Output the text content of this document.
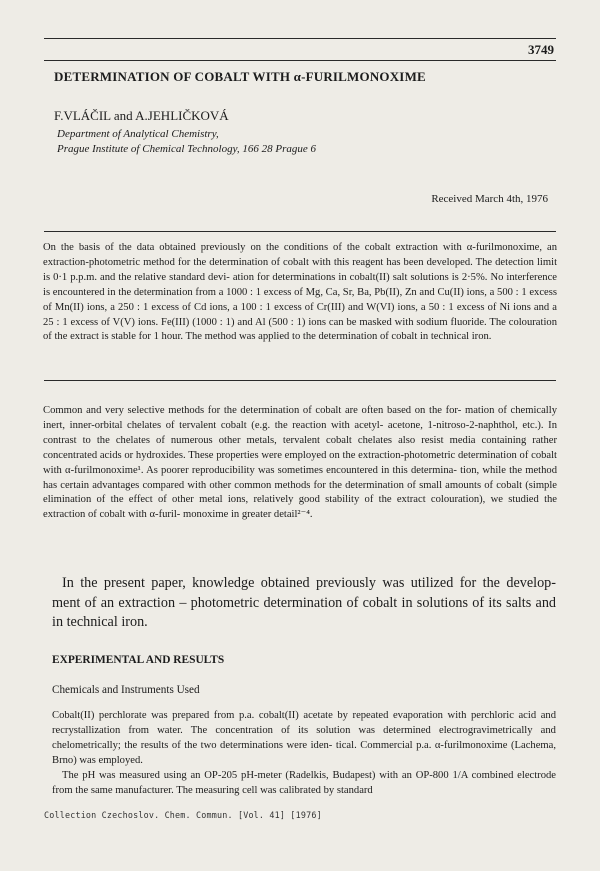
3749
DETERMINATION OF COBALT WITH α-FURILMONOXIME
F.VLÁČIL and A.JEHLIČKOVÁ
Department of Analytical Chemistry,
Prague Institute of Chemical Technology, 166 28 Prague 6
Received March 4th, 1976

On the basis of the data obtained previously on the conditions of the cobalt extraction with α-furilmonoxime, an extraction-photometric method for the determination of cobalt with this reagent has been developed. The detection limit is 0·1 p.p.m. and the relative standard devi- ation for determinations in cobalt(II) salt solutions is 2·5%. No interference is encountered in the determination from a 1000 : 1 excess of Mg, Ca, Sr, Ba, Pb(II), Zn and Cu(II) ions, a 500 : 1 excess of Mn(II) ions, a 250 : 1 excess of Cd ions, a 100 : 1 excess of Cr(III) and W(VI) ions, a 50 : 1 excess of Ni ions and a 25 : 1 excess of V(V) ions. Fe(III) (1000 : 1) and Al (500 : 1) ions can be masked with sodium fluoride. The colouration of the extract is stable for 1 hour. The method was applied to the determination of cobalt in technical iron.

Common and very selective methods for the determination of cobalt are often based on the for- mation of chemically inert, inner-orbital chelates of tervalent cobalt (e.g. the reaction with acetyl- acetone, 1-nitroso-2-naphthol, etc.). In contrast to the chelates of numerous other metals, tervalent cobalt chelates also resist media containing rather concentrated acids or hydroxides. These properties were employed on the extraction-photometric determination of cobalt with α-furilmonoxime¹. As poorer reproducibility was sometimes encountered in this determina- tion, while the method has certain advantages compared with other common methods for the determination of small amounts of cobalt (simple elimination of the effect of other metal ions, relatively good stability of the extract colouration), we studied the extraction of cobalt with α-furil- monoxime in greater detail²⁻⁴.

In the present paper, knowledge obtained previously was utilized for the develop- ment of an extraction – photometric determination of cobalt in solutions of its salts and in technical iron.

EXPERIMENTAL AND RESULTS
Chemicals and Instruments Used

Cobalt(II) perchlorate was prepared from p.a. cobalt(II) acetate by repeated evaporation with perchloric acid and recrystallization from water. The concentration of its solution was determined electrogravimetrically and chelometrically; the results of the two determinations were iden- tical. Commercial p.a. α-furilmonoxime (Lachema, Brno) was employed.
The pH was measured using an OP-205 pH-meter (Radelkis, Budapest) with an OP-800 1/A combined electrode from the same manufacturer. The measuring cell was calibrated by standard

Collection Czechoslov. Chem. Commun. [Vol. 41] [1976]
